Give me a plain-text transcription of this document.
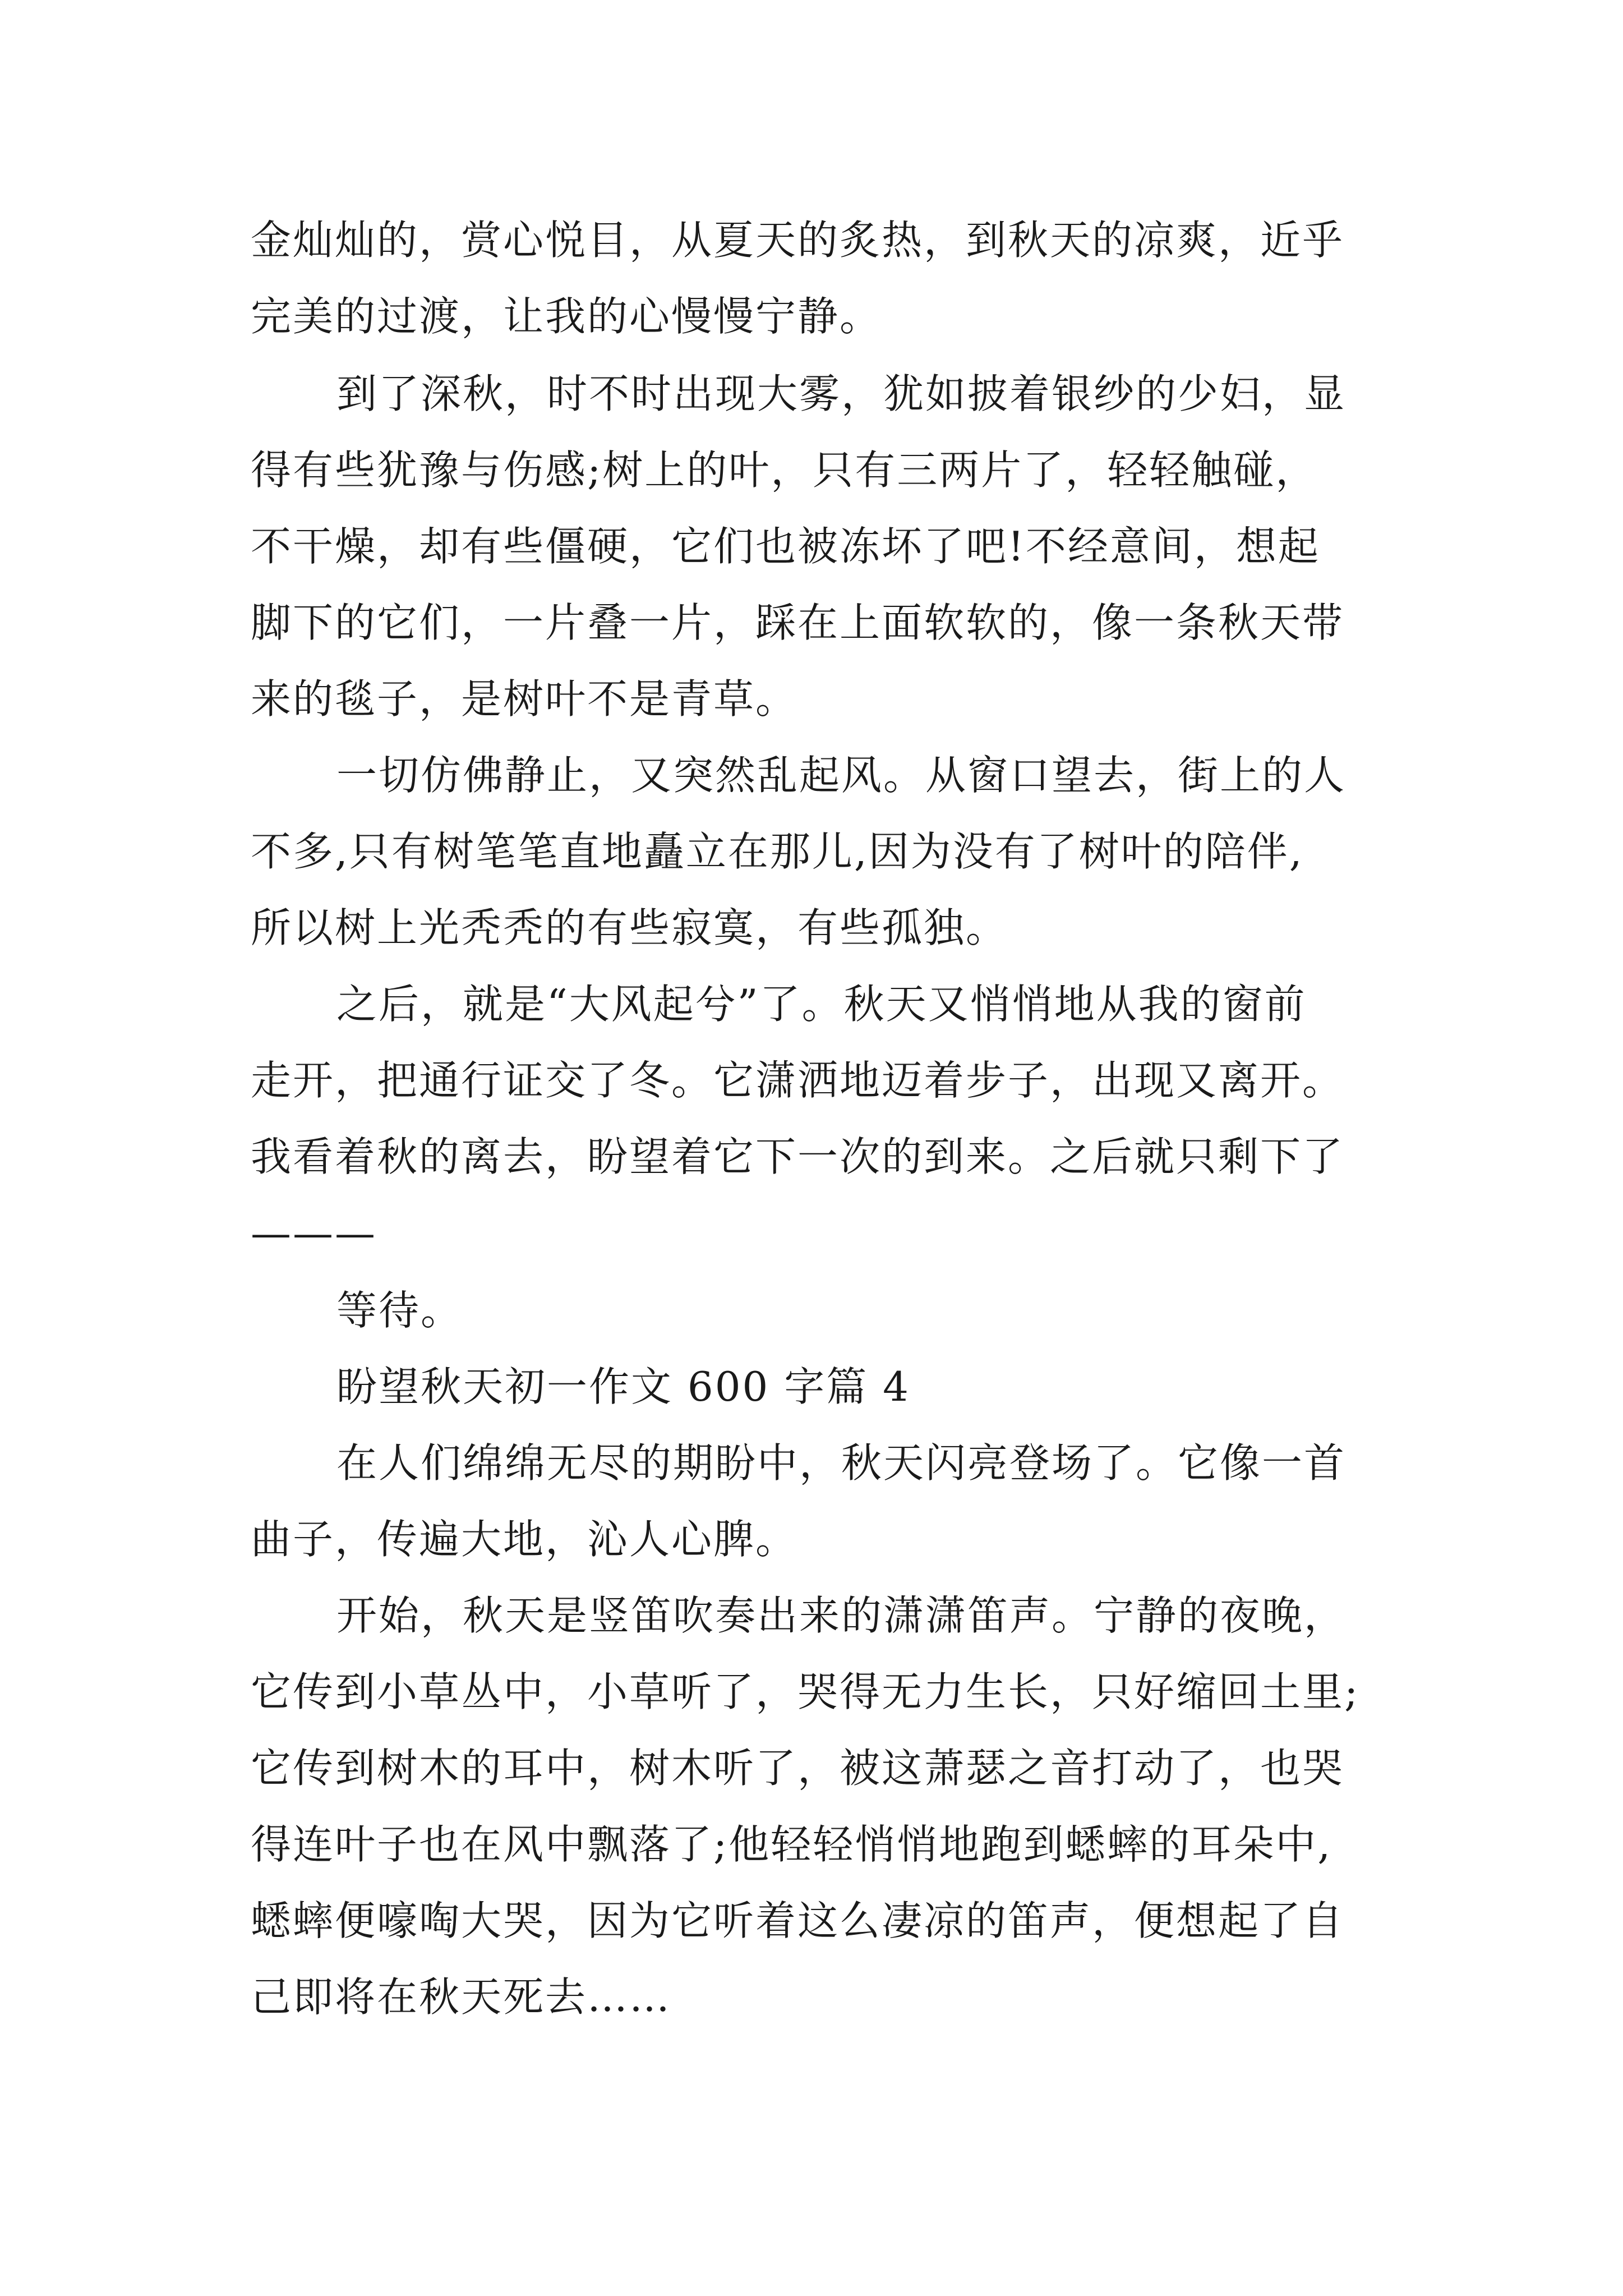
金灿灿的，赏心悦目，从夏天的炙热，到秋天的凉爽，近乎
完美的过渡，让我的心慢慢宁静。
到了深秋，时不时出现大雾，犹如披着银纱的少妇，显
得有些犹豫与伤感;树上的叶，只有三两片了，轻轻触碰，
不干燥，却有些僵硬，它们也被冻坏了吧!不经意间，想起
脚下的它们，一片叠一片，踩在上面软软的，像一条秋天带
来的毯子，是树叶不是青草。
一切仿佛静止，又突然乱起风。从窗口望去，街上的人
不多,只有树笔笔直地矗立在那儿,因为没有了树叶的陪伴,
所以树上光秃秃的有些寂寞，有些孤独。
之后，就是“大风起兮”了。秋天又悄悄地从我的窗前
走开，把通行证交了冬。它潇洒地迈着步子，出现又离开。
我看着秋的离去，盼望着它下一次的到来。之后就只剩下了
———
等待。
盼望秋天初一作文 600 字篇 4
在人们绵绵无尽的期盼中，秋天闪亮登场了。它像一首
曲子，传遍大地，沁人心脾。
开始，秋天是竖笛吹奏出来的潇潇笛声。宁静的夜晚，
它传到小草丛中，小草听了，哭得无力生长，只好缩回土里;
它传到树木的耳中，树木听了，被这萧瑟之音打动了，也哭
得连叶子也在风中飘落了;他轻轻悄悄地跑到蟋蟀的耳朵中,
蟋蟀便嚎啕大哭，因为它听着这么凄凉的笛声，便想起了自
己即将在秋天死去……
